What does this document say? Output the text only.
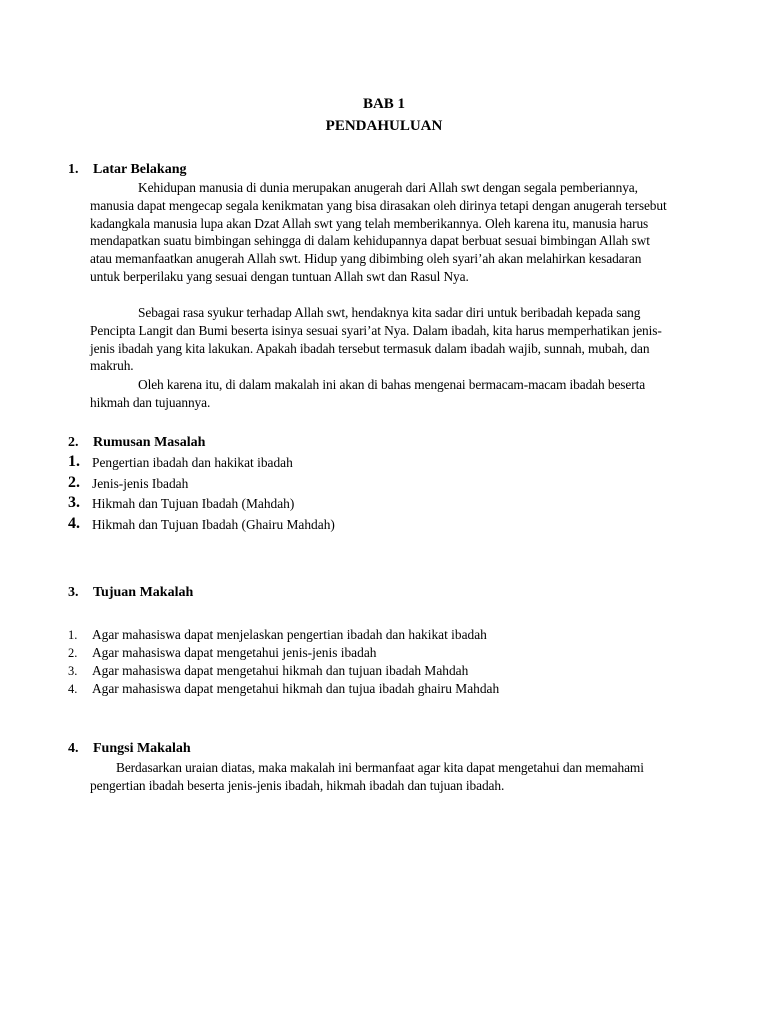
BAB 1
PENDAHULUAN
1. Latar Belakang

Kehidupan manusia di dunia merupakan anugerah dari Allah swt dengan segala pemberiannya, manusia dapat mengecap segala kenikmatan yang bisa dirasakan oleh dirinya tetapi dengan anugerah tersebut kadangkala manusia lupa akan Dzat Allah swt yang telah memberikannya. Oleh karena itu, manusia harus mendapatkan suatu bimbingan sehingga di dalam kehidupannya dapat berbuat sesuai bimbingan Allah swt atau memanfaatkan anugerah Allah swt. Hidup yang dibimbing oleh syari’ah akan melahirkan kesadaran untuk berperilaku yang sesuai dengan tuntuan Allah swt dan Rasul Nya.

Sebagai rasa syukur terhadap Allah swt, hendaknya kita sadar diri untuk beribadah kepada sang Pencipta Langit dan Bumi beserta isinya sesuai syari’at Nya. Dalam ibadah, kita harus memperhatikan jenis-jenis ibadah yang kita lakukan. Apakah ibadah tersebut termasuk dalam ibadah wajib, sunnah, mubah, dan makruh.

Oleh karena itu, di dalam makalah ini akan di bahas mengenai bermacam-macam ibadah beserta hikmah dan tujuannya.

2. Rumusan Masalah
1. Pengertian ibadah dan hakikat ibadah
2. Jenis-jenis Ibadah
3. Hikmah dan Tujuan Ibadah (Mahdah)
4. Hikmah dan Tujuan Ibadah (Ghairu Mahdah)
3. Tujuan Makalah
1. Agar mahasiswa dapat menjelaskan pengertian ibadah dan hakikat ibadah
2. Agar mahasiswa dapat mengetahui jenis-jenis ibadah
3. Agar mahasiswa dapat mengetahui hikmah dan tujuan ibadah Mahdah
4. Agar mahasiswa dapat mengetahui hikmah dan tujua ibadah ghairu Mahdah
4. Fungsi Makalah

Berdasarkan uraian diatas, maka makalah ini bermanfaat agar kita dapat mengetahui dan memahami pengertian ibadah beserta jenis-jenis ibadah, hikmah ibadah dan tujuan ibadah.
